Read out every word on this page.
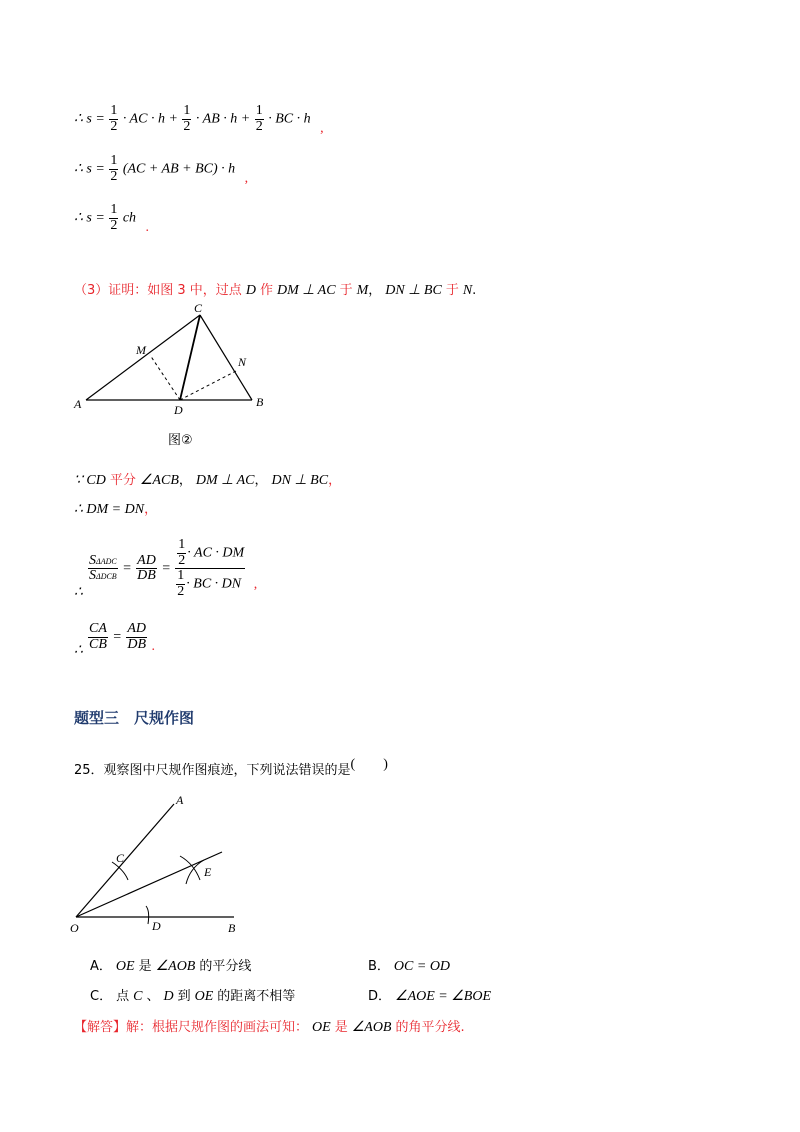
∴ $s = \frac{1}{2}$ · AC · $h + \frac{1}{2}$ · AB · $h + \frac{1}{2}$ · BC · h ,
∴ $s = \frac{1}{2} (AC$ + AB + BC) · h ,
∴ $s = \frac{1}{2}$ ch .
（3）证明：如图 3 中，过点 D 作 DM ⊥ AC 于 M， DN ⊥ BC 于 N.
A	B
C
D
M
N
图②
∵ CD 平分 ∠ACB， DM ⊥ AC， DN ⊥ BC，
∴ DM = DN，
$\frac{\text{SΔADC}}{\text{SΔDCB}} = \frac{AD}{DB} = \frac{\frac{1}{2} \cdot AC \cdot DM}{\frac{1}{2} \cdot BC \cdot DN}$ ,
∴
$\frac{CA}{CB} = \frac{AD}{DB}$ .
∴
题型三　尺规作图
25．观察图中尺规作图痕迹，下列说法错误的是(　　)
A
B
C
D
E
O
A． OE 是 ∠AOB 的平分线	B． OC = OD
C． 点 C 、 D 到 OE 的距离不相等	D． ∠AOE = ∠BOE
【解答】解：根据尺规作图的画法可知： OE 是 ∠AOB 的角平分线.
